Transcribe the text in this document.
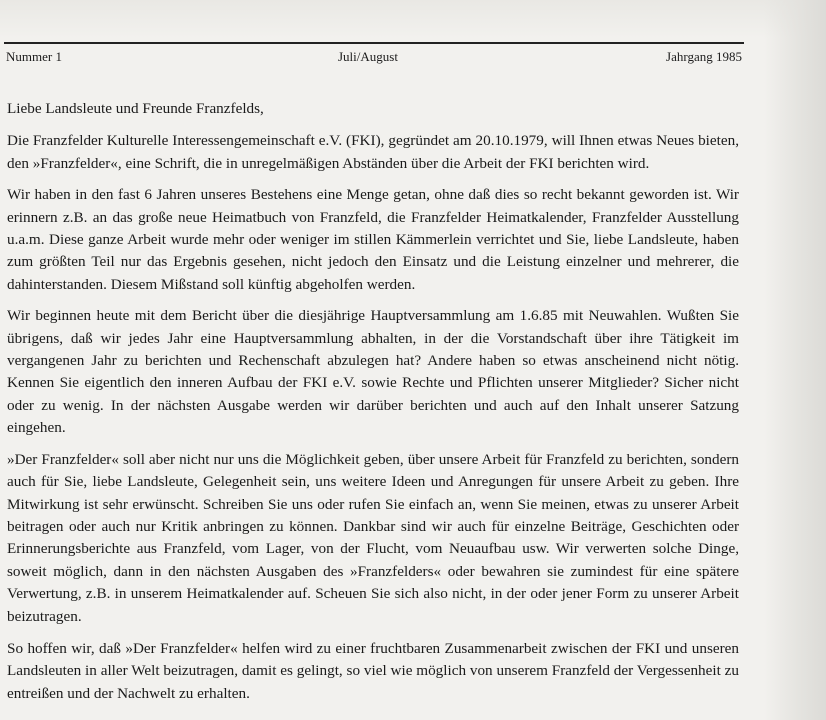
Nummer 1	Juli/August	Jahrgang 1985

Liebe Landsleute und Freunde Franzfelds,

Die Franzfelder Kulturelle Interessengemeinschaft e.V. (FKI), gegründet am 20.10.1979, will Ihnen etwas Neues bieten, den »Franzfelder«, eine Schrift, die in unregelmäßigen Abständen über die Arbeit der FKI berichten wird.

Wir haben in den fast 6 Jahren unseres Bestehens eine Menge getan, ohne daß dies so recht bekannt geworden ist. Wir erinnern z.B. an das große neue Heimatbuch von Franzfeld, die Franzfelder Heimatkalender, Franzfelder Ausstellung u.a.m. Diese ganze Arbeit wurde mehr oder weniger im stillen Kämmerlein verrichtet und Sie, liebe Landsleute, haben zum größten Teil nur das Ergebnis gesehen, nicht jedoch den Einsatz und die Leistung einzelner und mehrerer, die dahinterstanden. Diesem Mißstand soll künftig abgeholfen werden.

Wir beginnen heute mit dem Bericht über die diesjährige Hauptversammlung am 1.6.85 mit Neuwahlen. Wußten Sie übrigens, daß wir jedes Jahr eine Hauptversammlung abhalten, in der die Vorstandschaft über ihre Tätigkeit im vergangenen Jahr zu berichten und Rechenschaft abzulegen hat? Andere haben so etwas anscheinend nicht nötig. Kennen Sie eigentlich den inneren Aufbau der FKI e.V. sowie Rechte und Pflichten unserer Mitglieder? Sicher nicht oder zu wenig. In der nächsten Ausgabe werden wir darüber berichten und auch auf den Inhalt unserer Satzung eingehen.

»Der Franzfelder« soll aber nicht nur uns die Möglichkeit geben, über unsere Arbeit für Franzfeld zu berichten, sondern auch für Sie, liebe Landsleute, Gelegenheit sein, uns weitere Ideen und Anregungen für unsere Arbeit zu geben. Ihre Mitwirkung ist sehr erwünscht. Schreiben Sie uns oder rufen Sie einfach an, wenn Sie meinen, etwas zu unserer Arbeit beitragen oder auch nur Kritik anbringen zu können. Dankbar sind wir auch für einzelne Beiträge, Geschichten oder Erinnerungsberichte aus Franzfeld, vom Lager, von der Flucht, vom Neuaufbau usw. Wir verwerten solche Dinge, soweit möglich, dann in den nächsten Ausgaben des »Franzfelders« oder bewahren sie zumindest für eine spätere Verwertung, z.B. in unserem Heimatkalender auf. Scheuen Sie sich also nicht, in der oder jener Form zu unserer Arbeit beizutragen.

So hoffen wir, daß »Der Franzfelder« helfen wird zu einer fruchtbaren Zusammenarbeit zwischen der FKI und unseren Landsleuten in aller Welt beizutragen, damit es gelingt, so viel wie möglich von unserem Franzfeld der Vergessenheit zu entreißen und der Nachwelt zu erhalten.
